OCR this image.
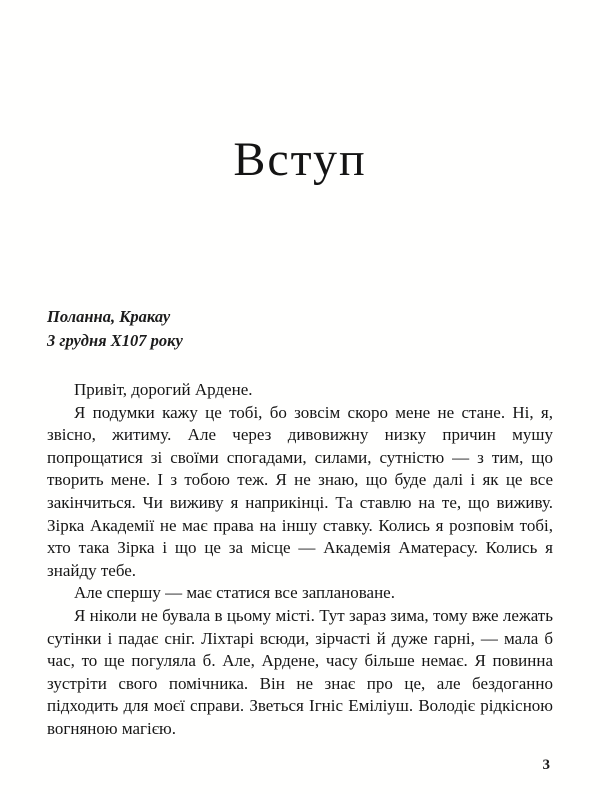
Вступ
Поланна, Кракау
3 грудня Х107 року

Привіт, дорогий Ардене.

Я подумки кажу це тобі, бо зовсім скоро мене не стане. Ні, я, звісно, житиму. Але через дивовижну низку причин мушу попрощатися зі своїми спогадами, силами, сутністю — з тим, що творить мене. І з тобою теж. Я не знаю, що буде далі і як це все закінчиться. Чи виживу я наприкінці. Та ставлю на те, що виживу. Зірка Академії не має права на іншу ставку. Колись я розповім тобі, хто така Зірка і що це за місце — Академія Аматерасу. Колись я знайду тебе.

Але спершу — має статися все заплановане.

Я ніколи не бувала в цьому місті. Тут зараз зима, тому вже лежать сутінки і падає сніг. Ліхтарі всюди, зірчасті й дуже гарні, — мала б час, то ще погуляла б. Але, Ардене, часу більше немає. Я повинна зустріти свого помічника. Він не знає про це, але бездоганно підходить для моєї справи. Зветься Ігніс Еміліуш. Володіє рідкісною вогняною магією.

3
